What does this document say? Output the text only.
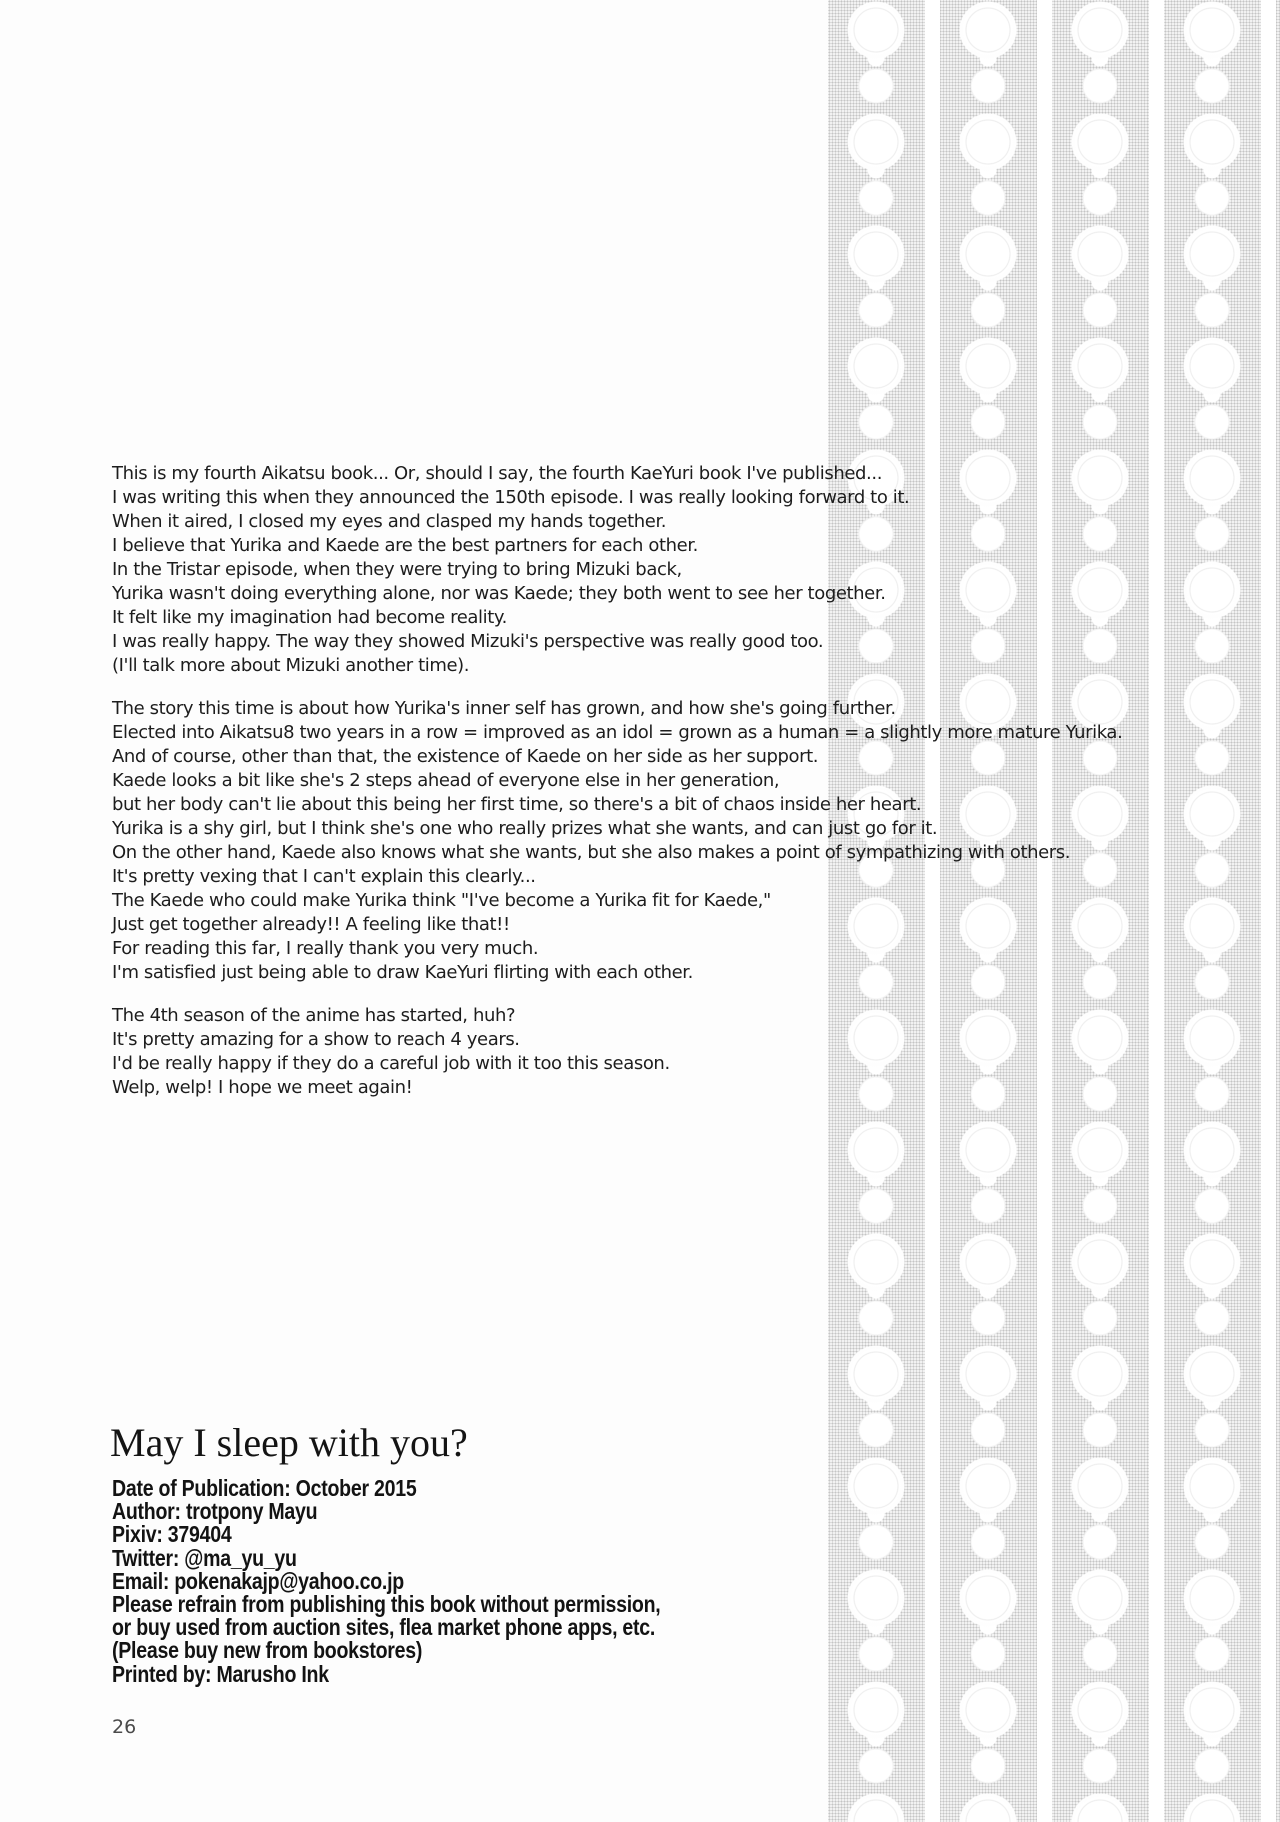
This is my fourth Aikatsu book... Or, should I say, the fourth KaeYuri book I've published...
I was writing this when they announced the 150th episode. I was really looking forward to it.
When it aired, I closed my eyes and clasped my hands together.
I believe that Yurika and Kaede are the best partners for each other.
In the Tristar episode, when they were trying to bring Mizuki back,
Yurika wasn't doing everything alone, nor was Kaede; they both went to see her together.
It felt like my imagination had become reality.
I was really happy. The way they showed Mizuki's perspective was really good too.
(I'll talk more about Mizuki another time).
The story this time is about how Yurika's inner self has grown, and how she's going further.
Elected into Aikatsu8 two years in a row = improved as an idol = grown as a human = a slightly more mature Yurika.
And of course, other than that, the existence of Kaede on her side as her support.
Kaede looks a bit like she's 2 steps ahead of everyone else in her generation,
but her body can't lie about this being her first time, so there's a bit of chaos inside her heart.
Yurika is a shy girl, but I think she's one who really prizes what she wants, and can just go for it.
On the other hand, Kaede also knows what she wants, but she also makes a point of sympathizing with others.
It's pretty vexing that I can't explain this clearly...
The Kaede who could make Yurika think "I've become a Yurika fit for Kaede,"
Just get together already!! A feeling like that!!
For reading this far, I really thank you very much.
I'm satisfied just being able to draw KaeYuri flirting with each other.
The 4th season of the anime has started, huh?
It's pretty amazing for a show to reach 4 years.
I'd be really happy if they do a careful job with it too this season.
Welp, welp! I hope we meet again!
May I sleep with you?
Date of Publication: October 2015
Author: trotpony Mayu
Pixiv: 379404
Twitter: @ma_yu_yu
Email: pokenakajp@yahoo.co.jp
Please refrain from publishing this book without permission,
or buy used from auction sites, flea market phone apps, etc.
(Please buy new from bookstores)
Printed by: Marusho Ink
26
